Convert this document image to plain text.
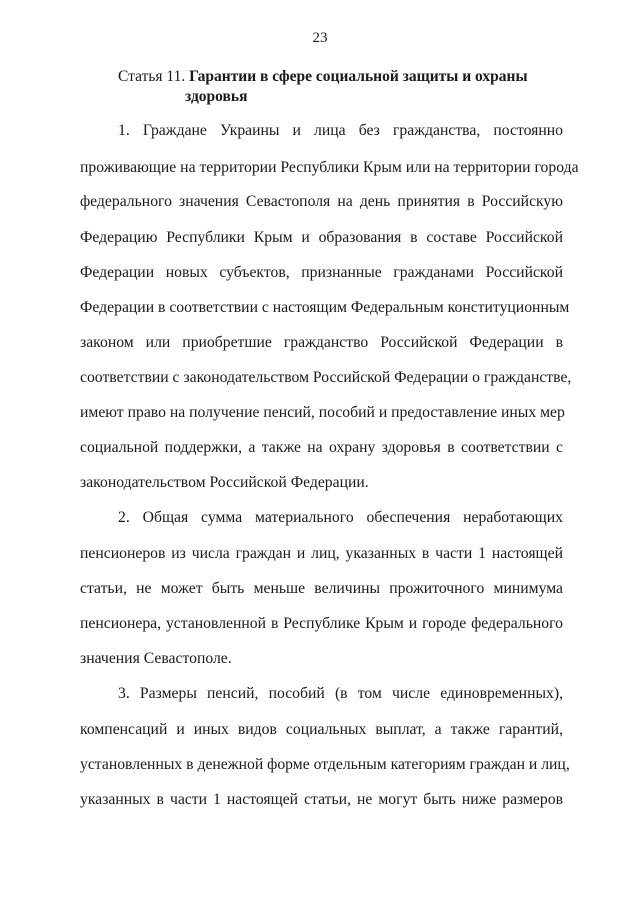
23
Статья 11. Гарантии в сфере социальной защиты и охраны
здоровья
1. Граждане Украины и лица без гражданства, постоянно
проживающие на территории Республики Крым или на территории города
федерального значения Севастополя на день принятия в Российскую
Федерацию Республики Крым и образования в составе Российской
Федерации новых субъектов, признанные гражданами Российской
Федерации в соответствии с настоящим Федеральным конституционным
законом или приобретшие гражданство Российской Федерации в
соответствии с законодательством Российской Федерации о гражданстве,
имеют право на получение пенсий, пособий и предоставление иных мер
социальной поддержки, а также на охрану здоровья в соответствии с
законодательством Российской Федерации.
2. Общая сумма материального обеспечения неработающих
пенсионеров из числа граждан и лиц, указанных в части 1 настоящей
статьи, не может быть меньше величины прожиточного минимума
пенсионера, установленной в Республике Крым и городе федерального
значения Севастополе.
3. Размеры пенсий, пособий (в том числе единовременных),
компенсаций и иных видов социальных выплат, а также гарантий,
установленных в денежной форме отдельным категориям граждан и лиц,
указанных в части 1 настоящей статьи, не могут быть ниже размеров
